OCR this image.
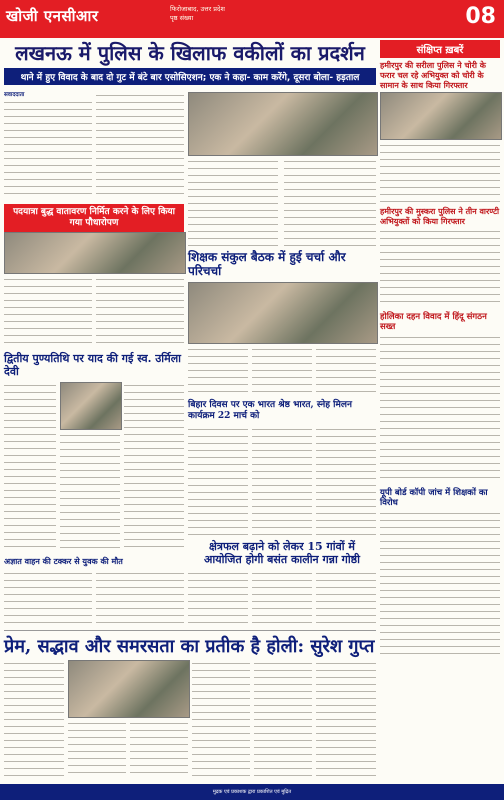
खोजी एनसीआर	फिरोजाबाद, उत्तर प्रदेश
पृष्ठ संख्या	08
लखनऊ में पुलिस के खिलाफ वकीलों का प्रदर्शन
थाने में हुए विवाद के बाद दो गुट में बंटे बार एसोसिएशन; एक ने कहा- काम करेंगे, दूसरा बोला- हड़ताल
संवाददाता
पदयात्रा बुद्ध वातावरण निर्मित करने के लिए किया गया पौधारोपण
शिक्षक संकुल बैठक में हुई चर्चा और परिचर्चा
द्वितीय पुण्यतिथि पर याद की गई स्व. उर्मिला देवी
बिहार दिवस पर एक भारत श्रेष्ठ भारत, स्नेह मिलन कार्यक्रम 22 मार्च को
क्षेत्रफल बढ़ाने को लेकर 15 गांवों में
आयोजित होगी बसंत कालीन गन्ना गोष्ठी
अज्ञात वाहन की टक्कर से युवक की मौत
प्रेम, सद्भाव और समरसता का प्रतीक है होली: सुरेश गुप्त
संक्षिप्त ख़बरें
हमीरपुर की सरीला पुलिस ने चोरी के फरार चल रहे अभियुक्त को चोरी के सामान के साथ किया गिरफ्तार
हमीरपुर की मुस्करा पुलिस ने तीन वारण्टी अभियुक्तों को किया गिरफ्तार
होलिका दहन विवाद में हिंदू संगठन सख्त
यूपी बोर्ड कॉपी जांच में शिक्षकों का विरोध
मुद्रक एवं प्रकाशक द्वारा प्रकाशित एवं मुद्रित
